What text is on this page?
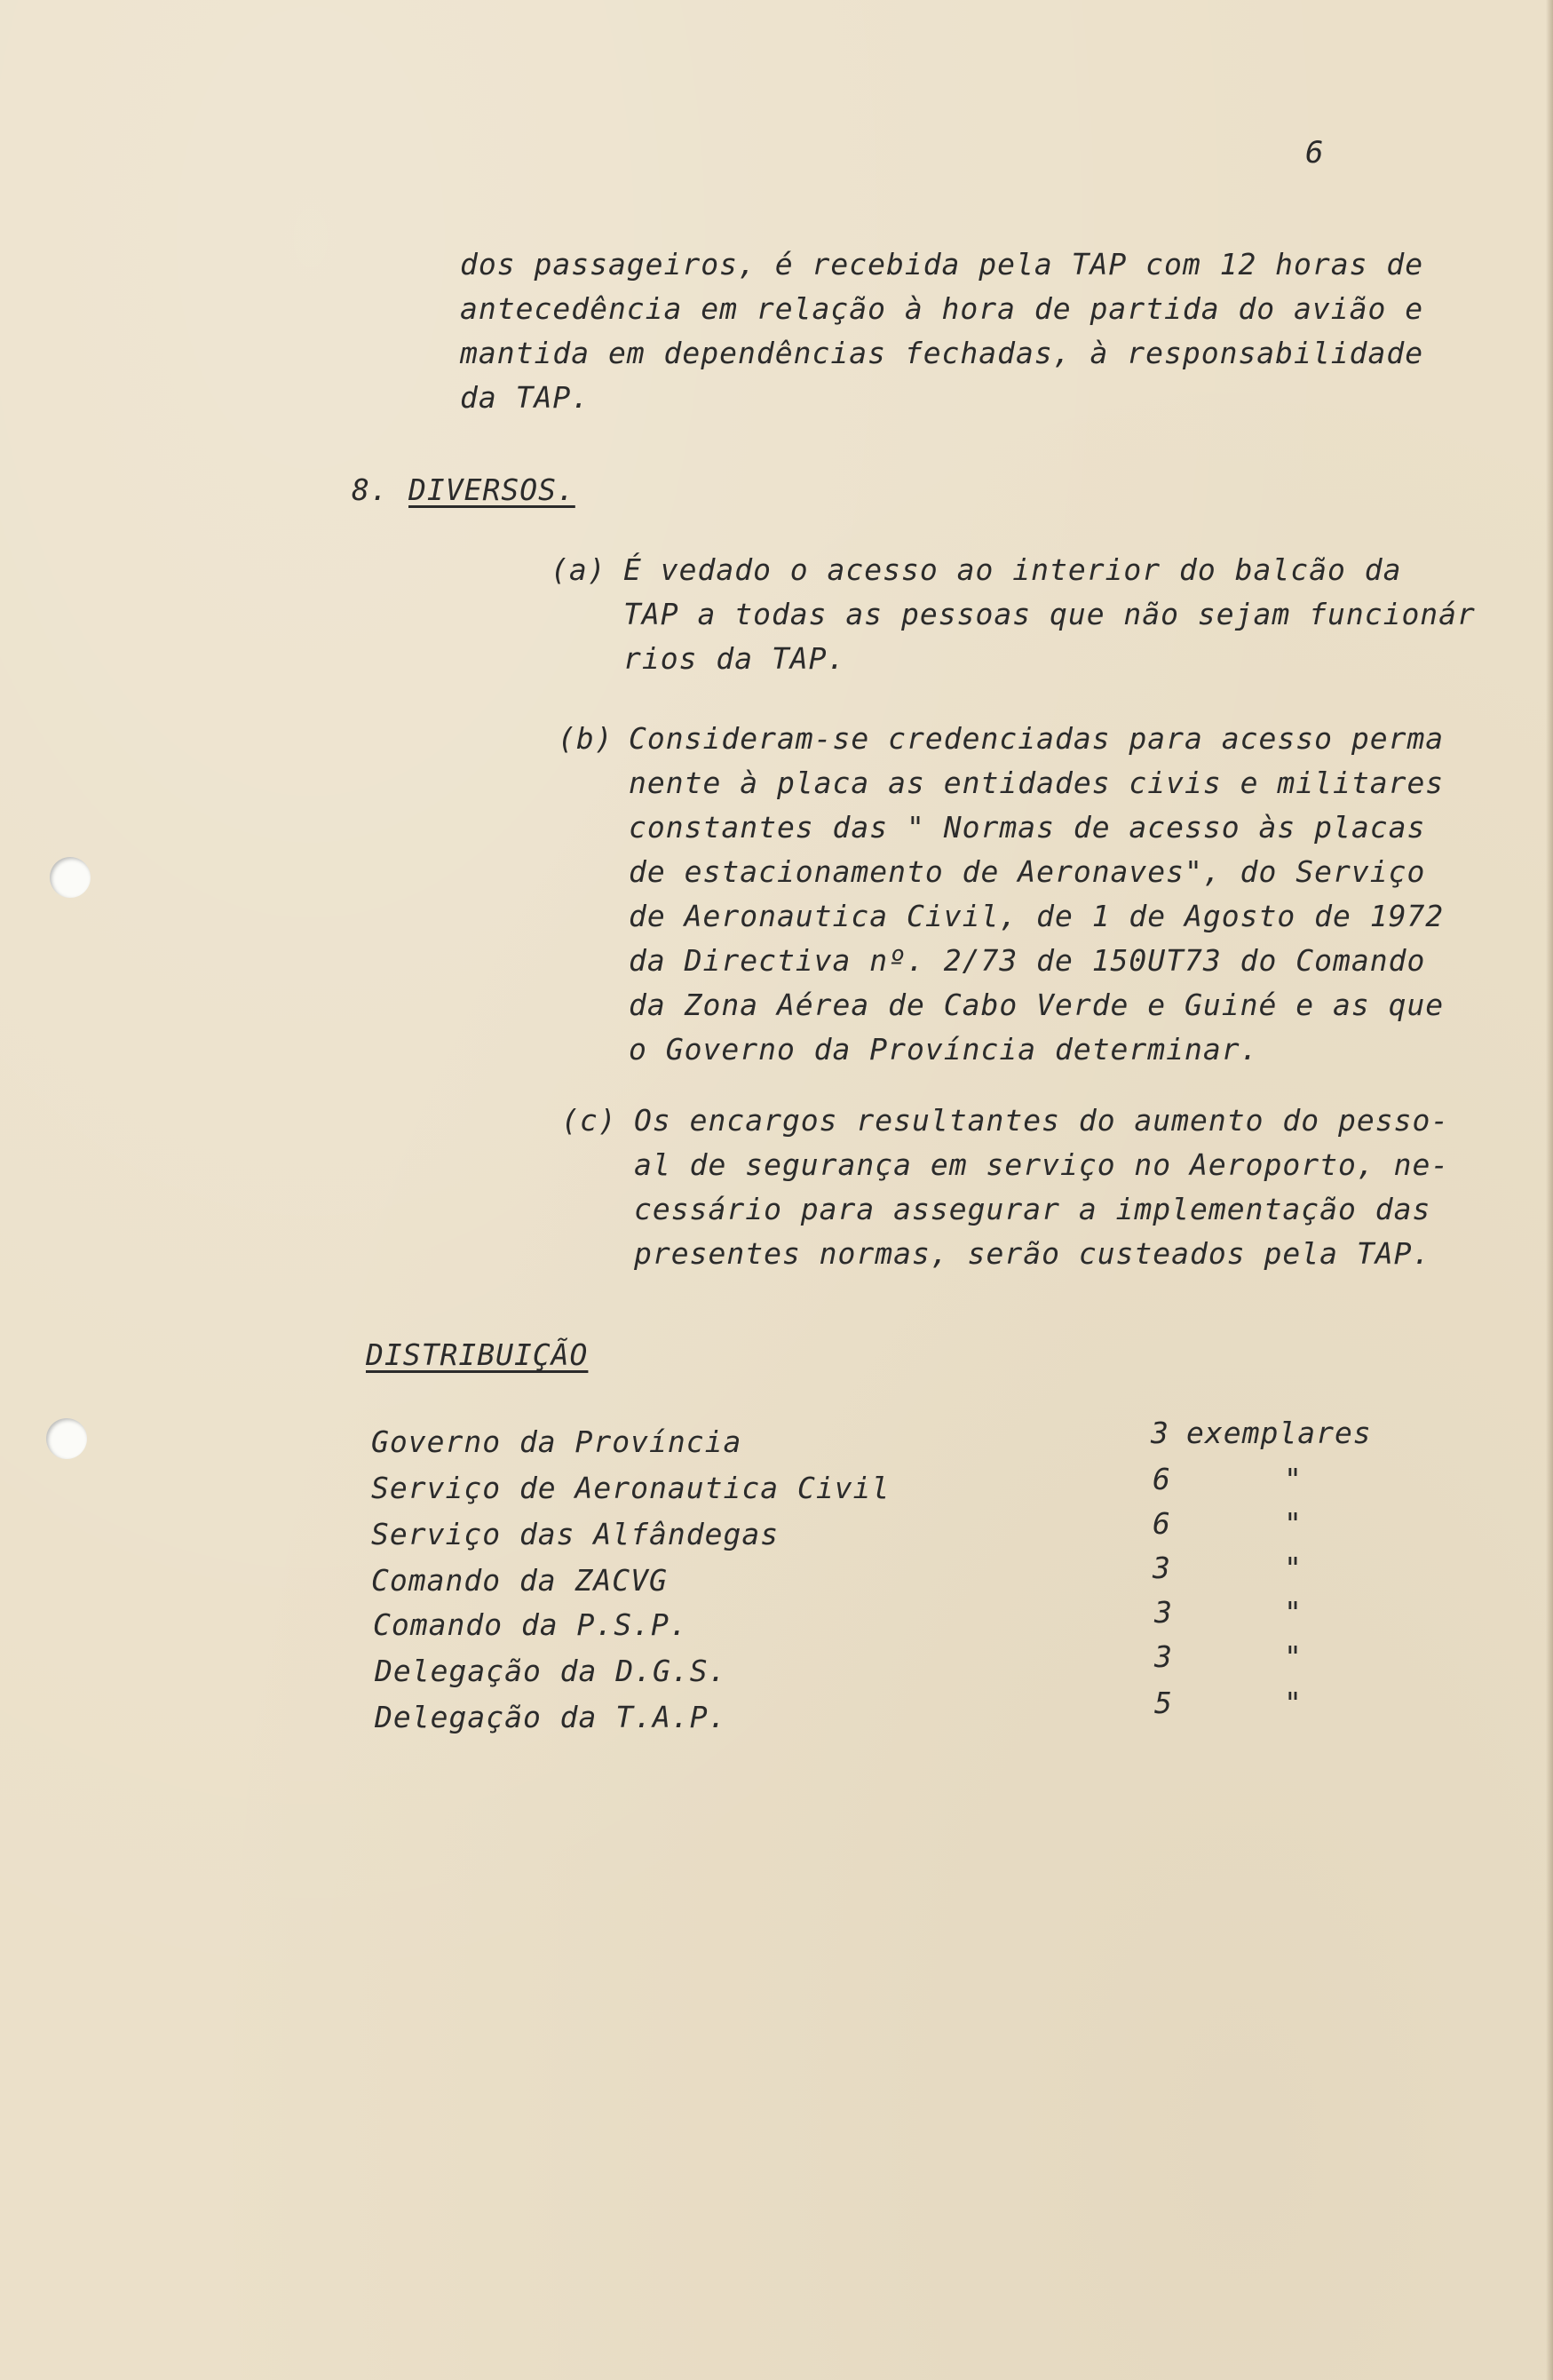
6
dos passageiros, é recebida pela TAP com 12 horas de
antecedência em relação à hora de partida do avião e
mantida em dependências fechadas, à responsabilidade
da TAP.
8. DIVERSOS.
(a) É vedado o acesso ao interior do balcão da
TAP a todas as pessoas que não sejam funcionár
rios da TAP.
(b) Consideram-se credenciadas para acesso perma
nente à placa as entidades civis e militares
constantes das " Normas de acesso às placas
de estacionamento de Aeronaves", do Serviço
de Aeronautica Civil, de 1 de Agosto de 1972
da Directiva nº. 2/73 de 150UT73 do Comando
da Zona Aérea de Cabo Verde e Guiné e as que
o Governo da Província determinar.
(c) Os encargos resultantes do aumento do pesso-
al de segurança em serviço no Aeroporto, ne-
cessário para assegurar a implementação das
presentes normas, serão custeados pela TAP.
DISTRIBUIÇÃO
Governo da Província	3 exemplares
Serviço de Aeronautica Civil	6	"
Serviço das Alfândegas	6	"
Comando da ZACVG	3	"
Comando da P.S.P.	3	"
Delegação da D.G.S.	3	"
Delegação da T.A.P.	5	"
